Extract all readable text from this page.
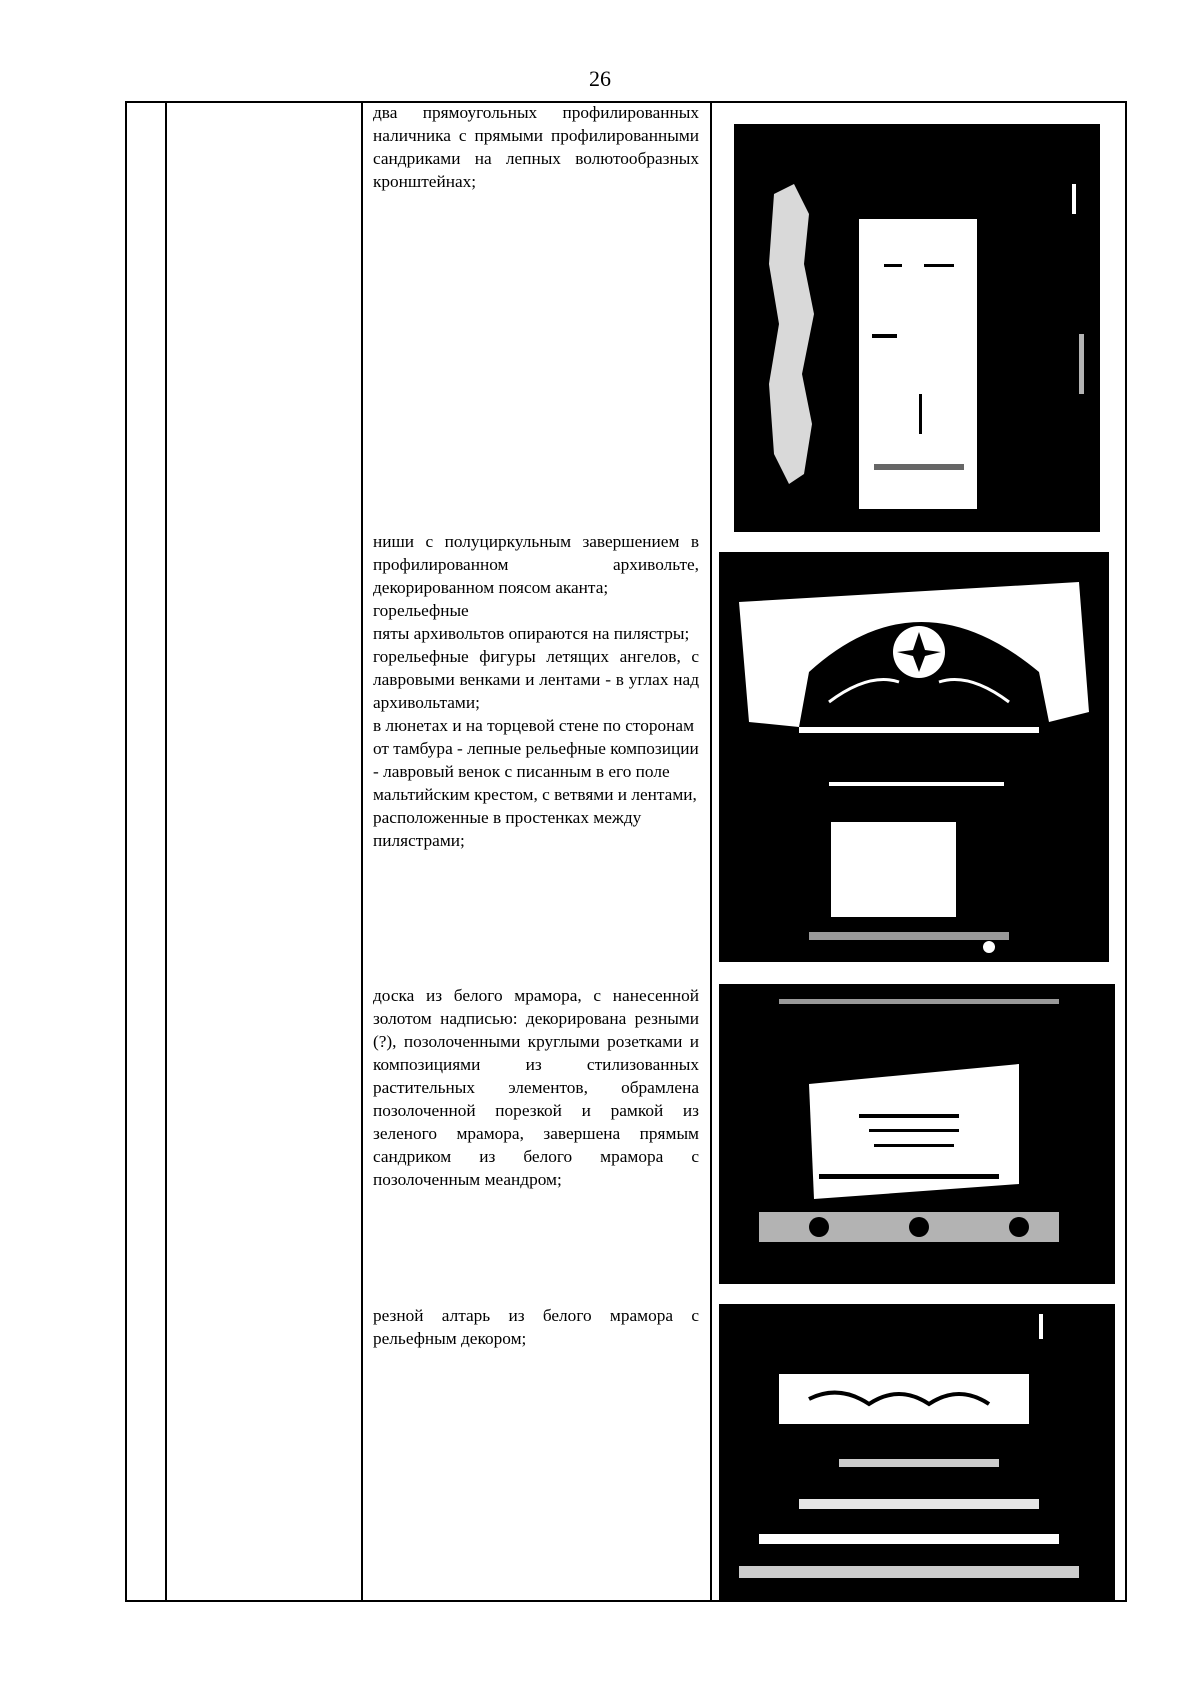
26

два прямоугольных профилированных наличника с прямыми профилированными сандриками на лепных волютообразных кронштейнах;

ниши с полуциркульным завершением в профилированном архивольте, декорированном поясом аканта;

горельефные

пяты архивольтов опираются на пилястры;

горельефные фигуры летящих ангелов, с лавровыми венками и лентами - в углах над архивольтами;

в люнетах и на торцевой стене по сторонам от тамбура - лепные рельефные композиции - лавровый венок с писанным в его поле мальтийским крестом, с ветвями и лентами, расположенные в простенках между пилястрами;

доска из белого мрамора, с нанесенной золотом надписью: декорирована резными (?), позолоченными круглыми розетками и композициями из стилизованных растительных элементов, обрамлена позолоченной порезкой и рамкой из зеленого мрамора, завершена прямым сандриком из белого мрамора с позолоченным меандром;

резной алтарь из белого мрамора с рельефным декором;
